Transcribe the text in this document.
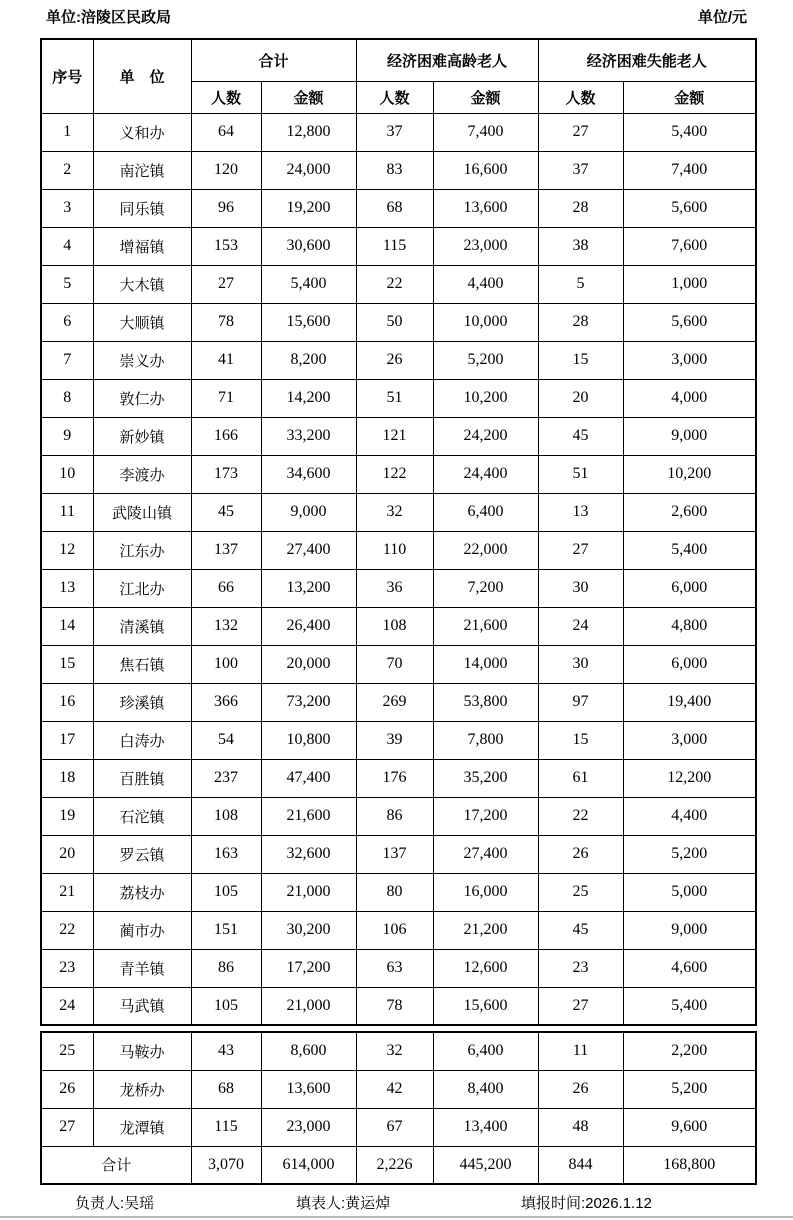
单位:涪陵区民政局	单位/元
序号	单　位	合计		经济困难高龄老人		经济困难失能老人	
		人数	金额	人数	金额	人数	金额
1	义和办	64	12,800	37	7,400	27	5,400
2	南沱镇	120	24,000	83	16,600	37	7,400
3	同乐镇	96	19,200	68	13,600	28	5,600
4	增福镇	153	30,600	115	23,000	38	7,600
5	大木镇	27	5,400	22	4,400	5	1,000
6	大顺镇	78	15,600	50	10,000	28	5,600
7	崇义办	41	8,200	26	5,200	15	3,000
8	敦仁办	71	14,200	51	10,200	20	4,000
9	新妙镇	166	33,200	121	24,200	45	9,000
10	李渡办	173	34,600	122	24,400	51	10,200
11	武陵山镇	45	9,000	32	6,400	13	2,600
12	江东办	137	27,400	110	22,000	27	5,400
13	江北办	66	13,200	36	7,200	30	6,000
14	清溪镇	132	26,400	108	21,600	24	4,800
15	焦石镇	100	20,000	70	14,000	30	6,000
16	珍溪镇	366	73,200	269	53,800	97	19,400
17	白涛办	54	10,800	39	7,800	15	3,000
18	百胜镇	237	47,400	176	35,200	61	12,200
19	石沱镇	108	21,600	86	17,200	22	4,400
20	罗云镇	163	32,600	137	27,400	26	5,200
21	荔枝办	105	21,000	80	16,000	25	5,000
22	蔺市办	151	30,200	106	21,200	45	9,000
23	青羊镇	86	17,200	63	12,600	23	4,600
24	马武镇	105	21,000	78	15,600	27	5,400
25	马鞍办	43	8,600	32	6,400	11	2,200
26	龙桥办	68	13,600	42	8,400	26	5,200
27	龙潭镇	115	23,000	67	13,400	48	9,600
合计		3,070	614,000	2,226	445,200	844	168,800
负责人:吴瑶	填表人:黄运焯	填报时间:2026.1.12
